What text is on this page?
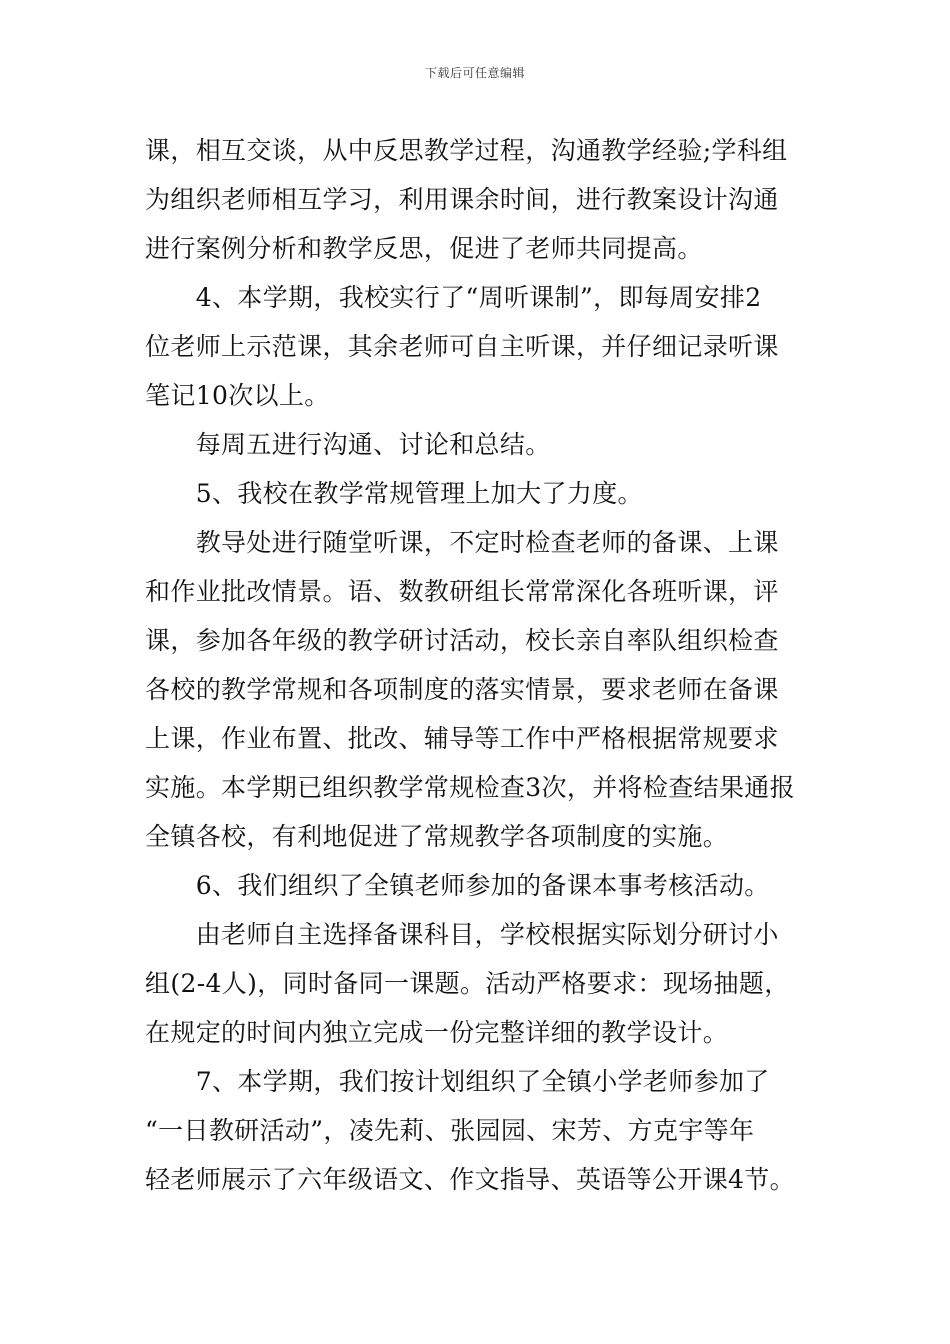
下载后可任意编辑
课，相互交谈，从中反思教学过程，沟通教学经验;学科组
为组织老师相互学习，利用课余时间，进行教案设计沟通
进行案例分析和教学反思，促进了老师共同提高。
　　4、本学期，我校实行了“周听课制”，即每周安排2
位老师上示范课，其余老师可自主听课，并仔细记录听课
笔记10次以上。
　　每周五进行沟通、讨论和总结。
　　5、我校在教学常规管理上加大了力度。
　　教导处进行随堂听课，不定时检查老师的备课、上课
和作业批改情景。语、数教研组长常常深化各班听课，评
课，参加各年级的教学研讨活动，校长亲自率队组织检查
各校的教学常规和各项制度的落实情景，要求老师在备课
上课，作业布置、批改、辅导等工作中严格根据常规要求
实施。本学期已组织教学常规检查3次，并将检查结果通报
全镇各校，有利地促进了常规教学各项制度的实施。
　　6、我们组织了全镇老师参加的备课本事考核活动。
　　由老师自主选择备课科目，学校根据实际划分研讨小
组(2-4人)，同时备同一课题。活动严格要求：现场抽题，
在规定的时间内独立完成一份完整详细的教学设计。
　　7、本学期，我们按计划组织了全镇小学老师参加了
“一日教研活动”，凌先莉、张园园、宋芳、方克宇等年
轻老师展示了六年级语文、作文指导、英语等公开课4节。
